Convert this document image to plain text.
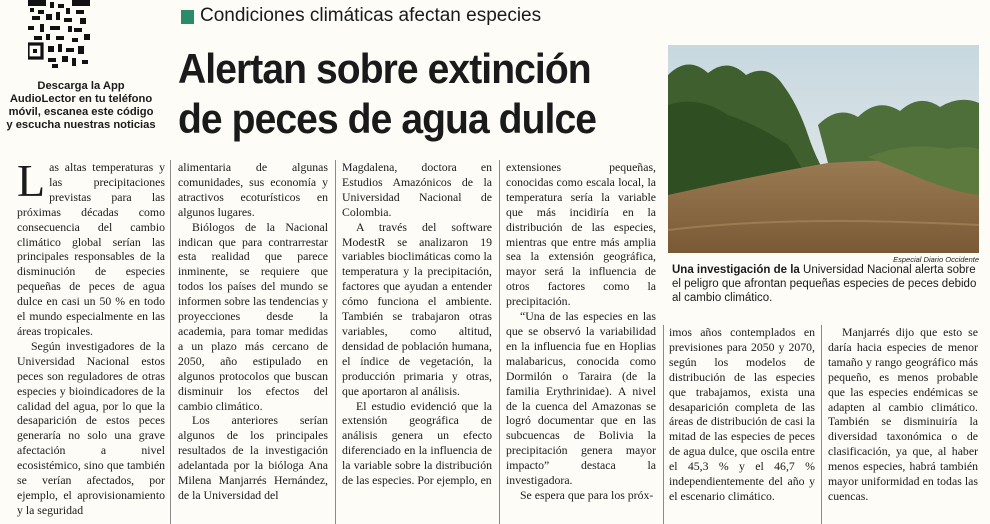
Descarga la App AudioLector en tu teléfono móvil, escanea este código y escucha nuestras noticias
Condiciones climáticas afectan especies
Alertan sobre extinción de peces de agua dulce
Especial Diario Occidente
Una investigación de la Universidad Nacional alerta sobre el peligro que afrontan pequeñas especies de peces debido al cambio climático.

Las altas temperaturas y las precipitaciones previstas para las próximas décadas como consecuencia del cambio climático global serían las principales responsables de la disminución de especies pequeñas de peces de agua dulce en casi un 50 % en todo el mundo especialmente en las áreas tropicales.

Según investigadores de la Universidad Nacional estos peces son reguladores de otras especies y bioindicadores de la calidad del agua, por lo que la desaparición de estos peces generaría no solo una grave afectación a nivel ecosistémico, sino que también se verían afectados, por ejemplo, el aprovisionamiento y la seguridad

alimentaria de algunas comunidades, sus economía y atractivos ecoturísticos en algunos lugares.

Biólogos de la Nacional indican que para contrarrestar esta realidad que parece inminente, se requiere que todos los países del mundo se informen sobre las tendencias y proyecciones desde la academia, para tomar medidas a un plazo más cercano de 2050, año estipulado en algunos protocolos que buscan disminuir los efectos del cambio climático.

Los anteriores serían algunos de los principales resultados de la investigación adelantada por la bióloga Ana Milena Manjarrés Hernández, de la Universidad del

Magdalena, doctora en Estudios Amazónicos de la Universidad Nacional de Colombia.

A través del software ModestR se analizaron 19 variables bioclimáticas como la temperatura y la precipitación, factores que ayudan a entender cómo funciona el ambiente. También se trabajaron otras variables, como altitud, densidad de población humana, el índice de vegetación, la producción primaria y otras, que aportaron al análisis.

El estudio evidenció que la extensión geográfica de análisis genera un efecto diferenciado en la influencia de la variable sobre la distribución de las especies. Por ejemplo, en

extensiones pequeñas, conocidas como escala local, la temperatura sería la variable que más incidiría en la distribución de las especies, mientras que entre más amplia sea la extensión geográfica, mayor será la influencia de otros factores como la precipitación.

“Una de las especies en las que se observó la variabilidad en la influencia fue en Hoplias malabaricus, conocida como Dormilón o Taraira (de la familia Erythrinidae). A nivel de la cuenca del Amazonas se logró documentar que en las subcuencas de Bolivia la precipitación genera mayor impacto” destaca la investigadora.

Se espera que para los próx-

imos años contemplados en previsiones para 2050 y 2070, según los modelos de distribución de las especies que trabajamos, exista una desaparición completa de las áreas de distribución de casi la mitad de las especies de peces de agua dulce, que oscila entre el 45,3 % y el 46,7 % independientemente del año y el escenario climático.

Manjarrés dijo que esto se daría hacia especies de menor tamaño y rango geográfico más pequeño, es menos probable que las especies endémicas se adapten al cambio climático. También se disminuiría la diversidad taxonómica o de clasificación, ya que, al haber menos especies, habrá también mayor uniformidad en todas las cuencas.
